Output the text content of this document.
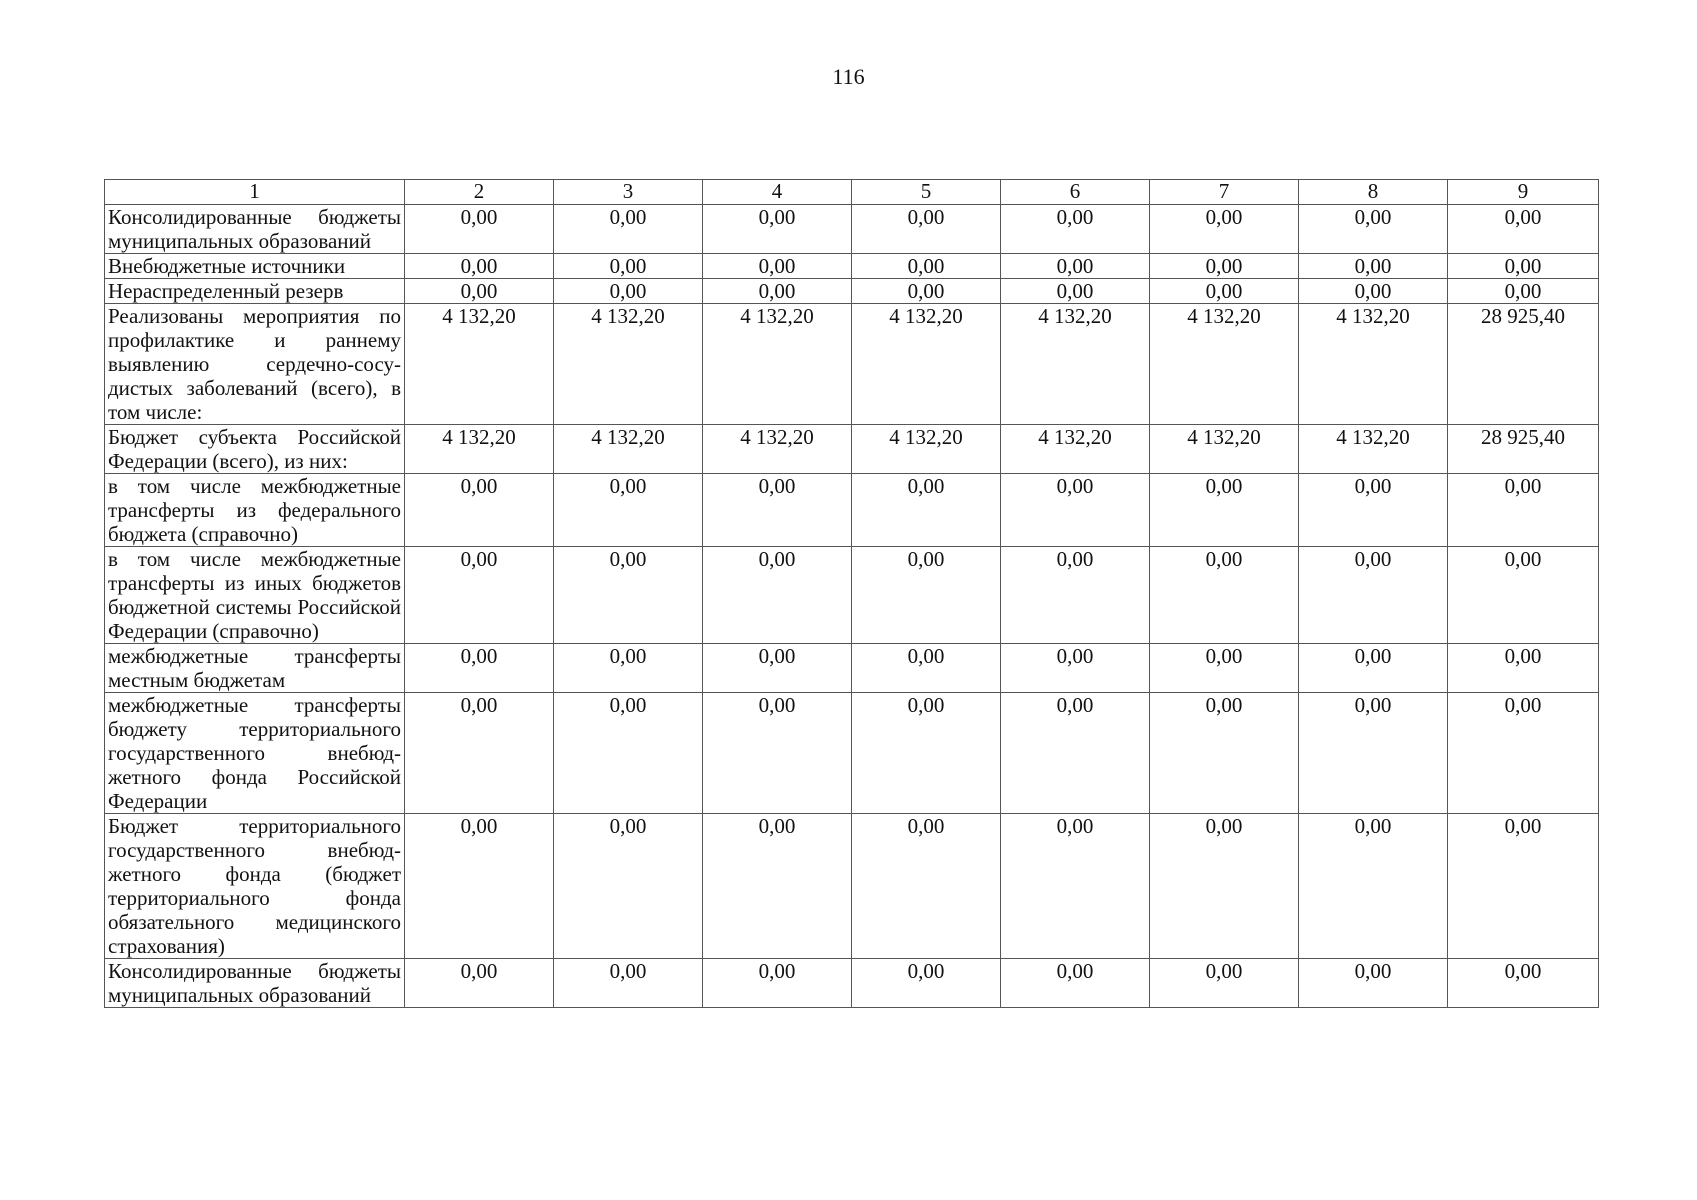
116
1	2	3	4	5	6	7	8	9
Консолидированные бюджеты муниципальных образований	0,00	0,00	0,00	0,00	0,00	0,00	0,00	0,00
Внебюджетные источники	0,00	0,00	0,00	0,00	0,00	0,00	0,00	0,00
Нераспределенный резерв	0,00	0,00	0,00	0,00	0,00	0,00	0,00	0,00
Реализованы мероприятия по профилактике и раннему выявлению сердечно-сосудистых заболеваний (всего), в том числе:	4 132,20	4 132,20	4 132,20	4 132,20	4 132,20	4 132,20	4 132,20	28 925,40
Бюджет субъекта Российской Федерации (всего), из них:	4 132,20	4 132,20	4 132,20	4 132,20	4 132,20	4 132,20	4 132,20	28 925,40
в том числе межбюджетные трансферты из федерального бюджета (справочно)	0,00	0,00	0,00	0,00	0,00	0,00	0,00	0,00
в том числе межбюджетные трансферты из иных бюджетов бюджетной системы Российской Федерации (справочно)	0,00	0,00	0,00	0,00	0,00	0,00	0,00	0,00
межбюджетные трансферты местным бюджетам	0,00	0,00	0,00	0,00	0,00	0,00	0,00	0,00
межбюджетные трансферты бюджету территориального государственного внебюджетного фонда Российской Федерации	0,00	0,00	0,00	0,00	0,00	0,00	0,00	0,00
Бюджет территориального государственного внебюджетного фонда (бюджет территориального фонда обязательного медицинского страхования)	0,00	0,00	0,00	0,00	0,00	0,00	0,00	0,00
Консолидированные бюджеты муниципальных образований	0,00	0,00	0,00	0,00	0,00	0,00	0,00	0,00
